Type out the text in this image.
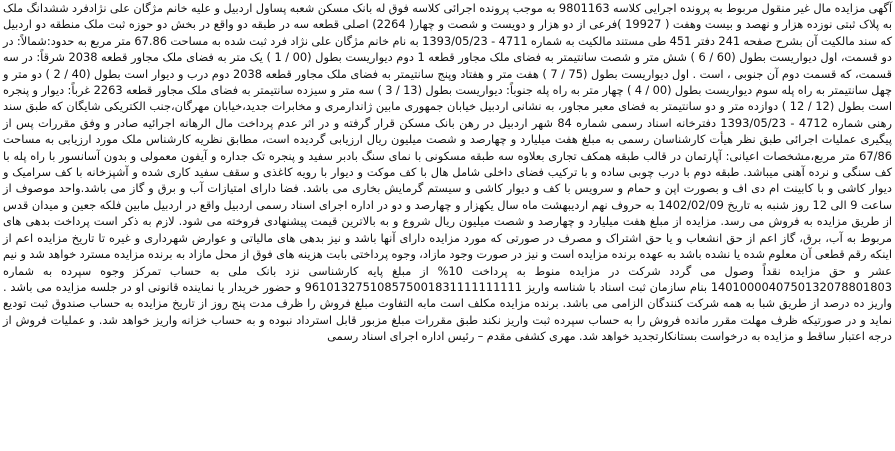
آگهی مزایده مال غیر منقول مربوط به پرونده اجرایی کلاسه 9801163 به موجب پرونده اجرائی کلاسه فوق له بانک مسکن شعبه پساول اردبیل و علیه خانم مژگان علی نژادفرد ششدانگ ملک به پلاک ثبتی نوزده هزار و نهصد و بیست وهفت ( 19927 )فرعی از دو هزار و دویست و شصت و چهار( 2264) اصلی قطعه سه در طبقه دو واقع در بخش دو حوزه ثبت ملک منطقه دو اردبیل که سند مالکیت آن بشرح صفحه 241 دفتر 451 طی مستند مالکیت به شماره 4711 - 1393/05/23 به نام خانم مژگان علی نژاد فرد ثبت شده به مساحت 67.86 متر مربع به حدود:شمالاً: در دو قسمت، اول دیواریست بطول (60 / 6 ) شش متر و شصت سانتیمتر به فضای ملک مجاور قطعه 1 دوم دیواریست بطول (00 / 1 ) یک متر به فضای ملک مجاور قطعه 2038 شرقاً: در سه قسمت، که قسمت دوم آن جنوبی ، است . اول دیواریست بطول (75 / 7 ) هفت متر و هفتاد وپنج سانتیمتر به فضای ملک مجاور قطعه 2038 دوم درب و دیوار است بطول (40 / 2 ) دو متر و چهل سانتیمتر به راه پله سوم دیواریست بطول (00 / 4 ) چهار متر به راه پله جنوباً: دیواریست بطول (13 / 3 ) سه متر و سیزده سانتیمتر به فضای ملک مجاور قطعه 2263 غرباً: دیوار و پنجره است بطول (12 / 12 ) دوازده متر و دو سانتیمتر به فضای معبر مجاور، به نشانی اردبیل خیابان جمهوری مابین ژاندارمری و مخابرات جدید،خیابان مهرگان،جنب الکتریکی شایگان که طبق سند رهنی شماره 4712 - 1393/05/23 دفترخانه اسناد رسمی شماره 84 شهر اردبیل در رهن بانک مسکن قرار گرفته و در اثر عدم پرداخت مال الرهانه اجرائیه صادر و وفق مقررات پس از پیگیری عملیات اجرائی طبق نظر هیأت کارشناسان رسمی به مبلغ هفت میلیارد و چهارصد و شصت میلیون ریال ارزیابی گردیده است، مطابق نظریه کارشناس ملک مورد ارزیابی به مساحت 67/86 متر مربع،مشخصات اعیانی: آپارتمان در قالب طبقه همکف تجاری بعلاوه سه طبقه مسکونی با نمای سنگ بادبر سفید و پنجره تک جداره و آیفون معمولی و بدون آسانسور با راه پله با کف سنگی و نرده آهنی میباشد. طبقه دوم با درب چوبی ساده و با ترکیب فضای داخلی شامل هال با کف موکت و دیوار با رویه کاغذی و سقف سفید کاری شده و آشپزخانه با کف سرامیک و دیوار کاشی و با کابینت ام دی اف و بصورت اپن و حمام و سرویس با کف و دیوار کاشی و سیستم گرمایش بخاری می باشد. فضا دارای امتیازات آب و برق و گاز می باشد.واحد موصوف از ساعت 9 الی 12 روز شنبه به تاریخ 1402/02/09 به حروف نهم اردیبهشت ماه سال یکهزار و چهارصد و دو در اداره اجرای اسناد رسمی اردبیل واقع در اردبیل مابین فلکه جعین و میدان قدس از طریق مزایده به فروش می رسد. مزایده از مبلغ هفت میلیارد و چهارصد و شصت میلیون ریال شروع و به بالاترین قیمت پیشنهادی فروخته می شود. لازم به ذکر است پرداخت بدهی های مربوط به آب، برق، گاز اعم از حق انشعاب و یا حق اشتراک و مصرف در صورتی که مورد مزایده دارای آنها باشد و نیز بدهی های مالیاتی و عوارض شهرداری و غیره تا تاریخ مزایده اعم از اینکه رقم قطعی آن معلوم شده یا نشده باشد به عهده برنده مزایده است و نیز در صورت وجود مازاد، وجوه پرداختی بابت هزینه های فوق از محل مازاد به برنده مزایده مسترد خواهد شد و نیم عشر و حق مزایده نقداً وصول می گردد شرکت در مزایده منوط به پرداخت 10% از مبلغ پایه کارشناسی نزد بانک ملی به حساب تمرکز وجوه سپرده به شماره 1401000040750132078801803 بنام سازمان ثبت اسناد با شناسه واریز 961013275108575001831111111111 و حضور خریدار یا نماینده قانونی او در جلسه مزایده می باشد . واریز ده درصد از طریق شبا به همه شرکت کنندگان الزامی می باشد. برنده مزایده مکلف است مابه التفاوت مبلغ فروش را ظرف مدت پنج روز از تاریخ مزایده به حساب صندوق ثبت تودیع نماید و در صورتیکه ظرف مهلت مقرر مانده فروش را به حساب سپرده ثبت واریز نکند طبق مقررات مبلغ مزبور قابل استرداد نبوده و به حساب خزانه واریز خواهد شد. و عملیات فروش از درجه اعتبار ساقط و مزایده به درخواست بستانکارتجدید خواهد شد. مهری کشفی مقدم – رئیس اداره اجرای اسناد رسمی
